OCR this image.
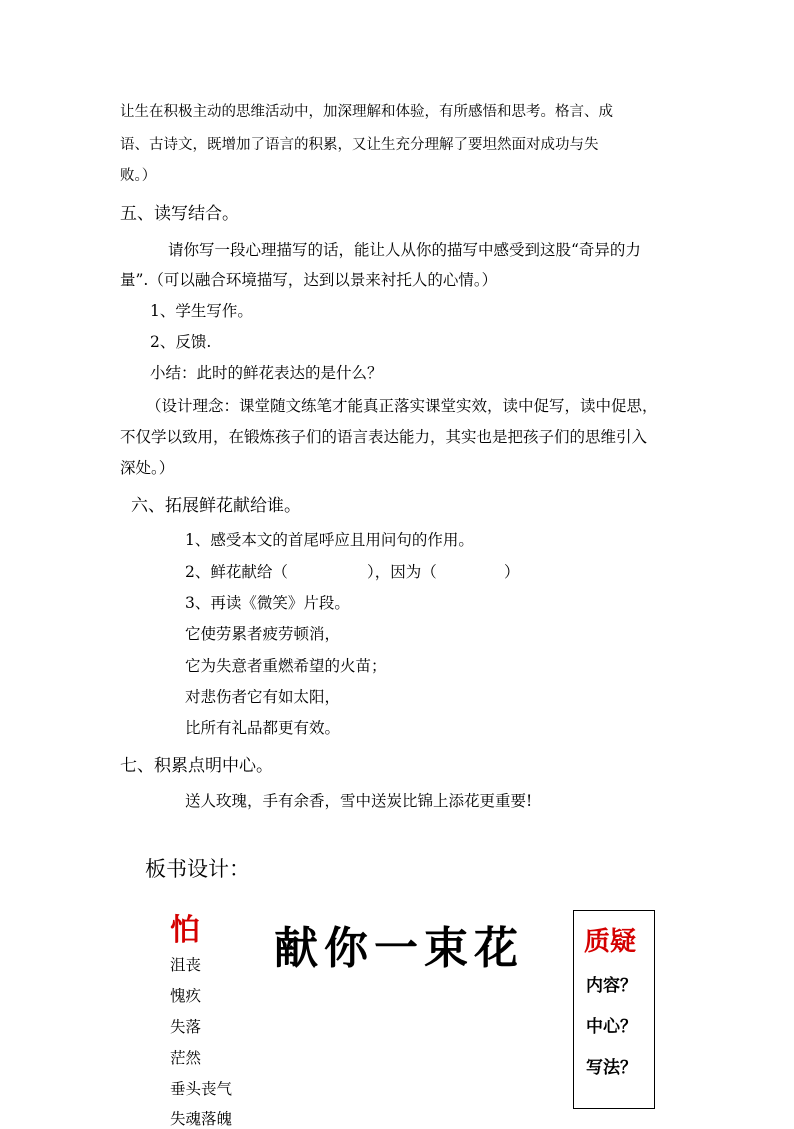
让生在积极主动的思维活动中，加深理解和体验，有所感悟和思考。格言、成
语、古诗文，既增加了语言的积累，又让生充分理解了要坦然面对成功与失
败。）
五、读写结合。
请你写一段心理描写的话，能让人从你的描写中感受到这股“奇异的力
量”.（可以融合环境描写，达到以景来衬托人的心情。）
1、学生写作。
2、反馈.
小结：此时的鲜花表达的是什么？
（设计理念：课堂随文练笔才能真正落实课堂实效，读中促写，读中促思，
不仅学以致用，在锻炼孩子们的语言表达能力，其实也是把孩子们的思维引入
深处。）
六、拓展鲜花献给谁。
1、感受本文的首尾呼应且用问句的作用。
2、鲜花献给（	），因为（	）
3、再读《微笑》片段。
它使劳累者疲劳顿消，
它为失意者重燃希望的火苗；
对悲伤者它有如太阳，
比所有礼品都更有效。
七、积累点明中心。
送人玫瑰，手有余香，雪中送炭比锦上添花更重要!
板书设计：
怕
沮丧
愧疚
失落
茫然
垂头丧气
失魂落魄
献你一束花 质疑
内容？
中心？
写法？
